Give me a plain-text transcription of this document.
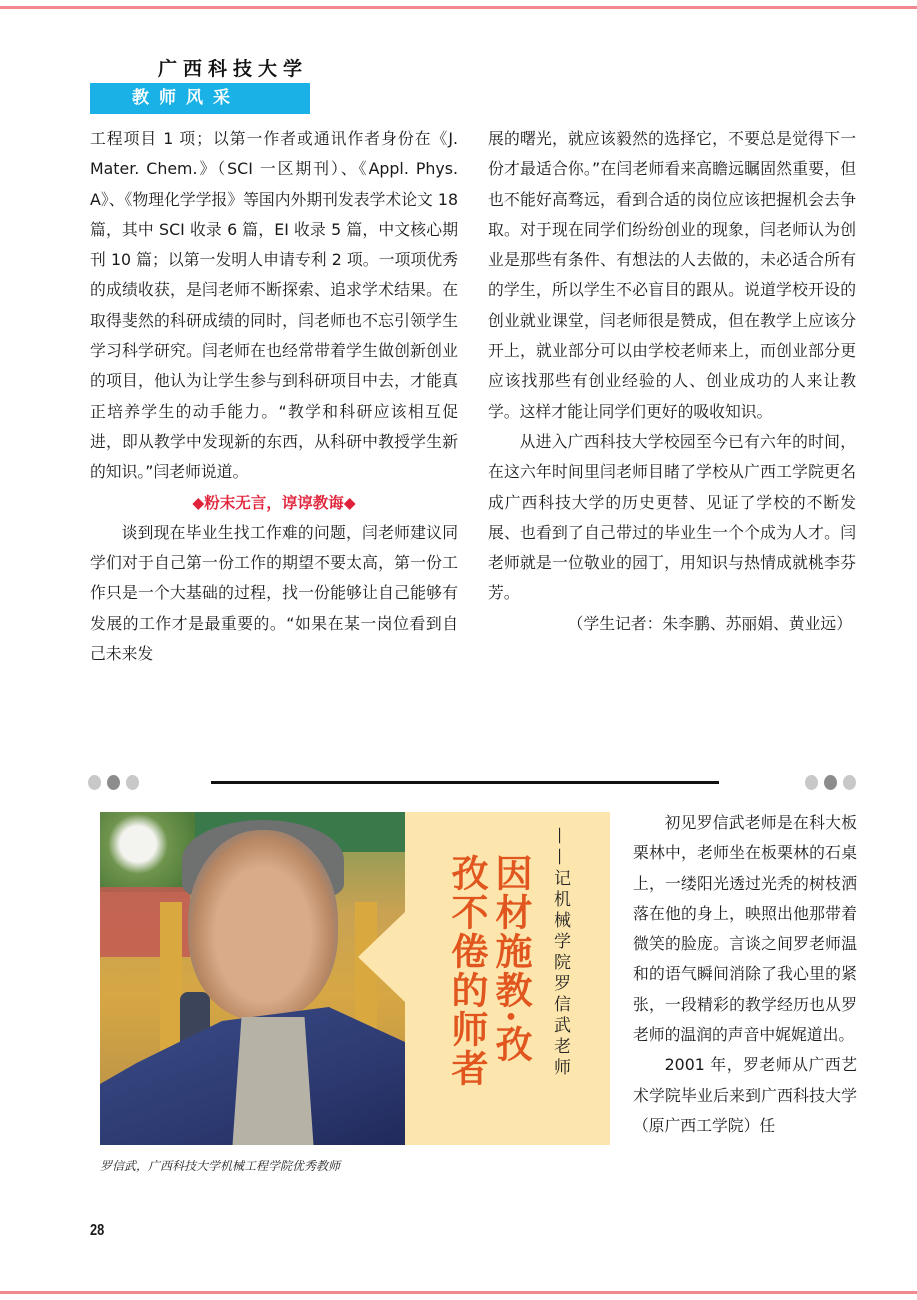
广西科技大学
教师风采

工程项目 1 项；以第一作者或通讯作者身份在《J. Mater. Chem.》（SCI 一区期刊）、《Appl. Phys. A》、《物理化学学报》等国内外期刊发表学术论文 18 篇，其中 SCI 收录 6 篇，EI 收录 5 篇，中文核心期刊 10 篇；以第一发明人申请专利 2 项。一项项优秀的成绩收获，是闫老师不断探索、追求学术结果。在取得斐然的科研成绩的同时，闫老师也不忘引领学生学习科学研究。闫老师在也经常带着学生做创新创业的项目，他认为让学生参与到科研项目中去，才能真正培养学生的动手能力。“教学和科研应该相互促进，即从教学中发现新的东西，从科研中教授学生新的知识。”闫老师说道。

◆粉末无言，谆谆教诲◆

谈到现在毕业生找工作难的问题，闫老师建议同学们对于自己第一份工作的期望不要太高，第一份工作只是一个大基础的过程，找一份能够让自己能够有发展的工作才是最重要的。“如果在某一岗位看到自己未来发

展的曙光，就应该毅然的选择它，不要总是觉得下一份才最适合你。”在闫老师看来高瞻远瞩固然重要，但也不能好高骛远，看到合适的岗位应该把握机会去争取。对于现在同学们纷纷创业的现象，闫老师认为创业是那些有条件、有想法的人去做的，未必适合所有的学生，所以学生不必盲目的跟从。说道学校开设的创业就业课堂，闫老师很是赞成，但在教学上应该分开上，就业部分可以由学校老师来上，而创业部分更应该找那些有创业经验的人、创业成功的人来让教学。这样才能让同学们更好的吸收知识。

从进入广西科技大学校园至今已有六年的时间，在这六年时间里闫老师目睹了学校从广西工学院更名成广西科技大学的历史更替、见证了学校的不断发展、也看到了自己带过的毕业生一个个成为人才。闫老师就是一位敬业的园丁，用知识与热情成就桃李芬芳。

（学生记者：朱李鹏、苏丽娟、黄业远）

——记机械学院罗信武老师
因材施教·孜
孜不倦的师者
罗信武，广西科技大学机械工程学院优秀教师

初见罗信武老师是在科大板栗林中，老师坐在板栗林的石桌上，一缕阳光透过光秃的树枝洒落在他的身上，映照出他那带着微笑的脸庞。言谈之间罗老师温和的语气瞬间消除了我心里的紧张，一段精彩的教学经历也从罗老师的温润的声音中娓娓道出。

2001 年，罗老师从广西艺术学院毕业后来到广西科技大学（原广西工学院）任

28
